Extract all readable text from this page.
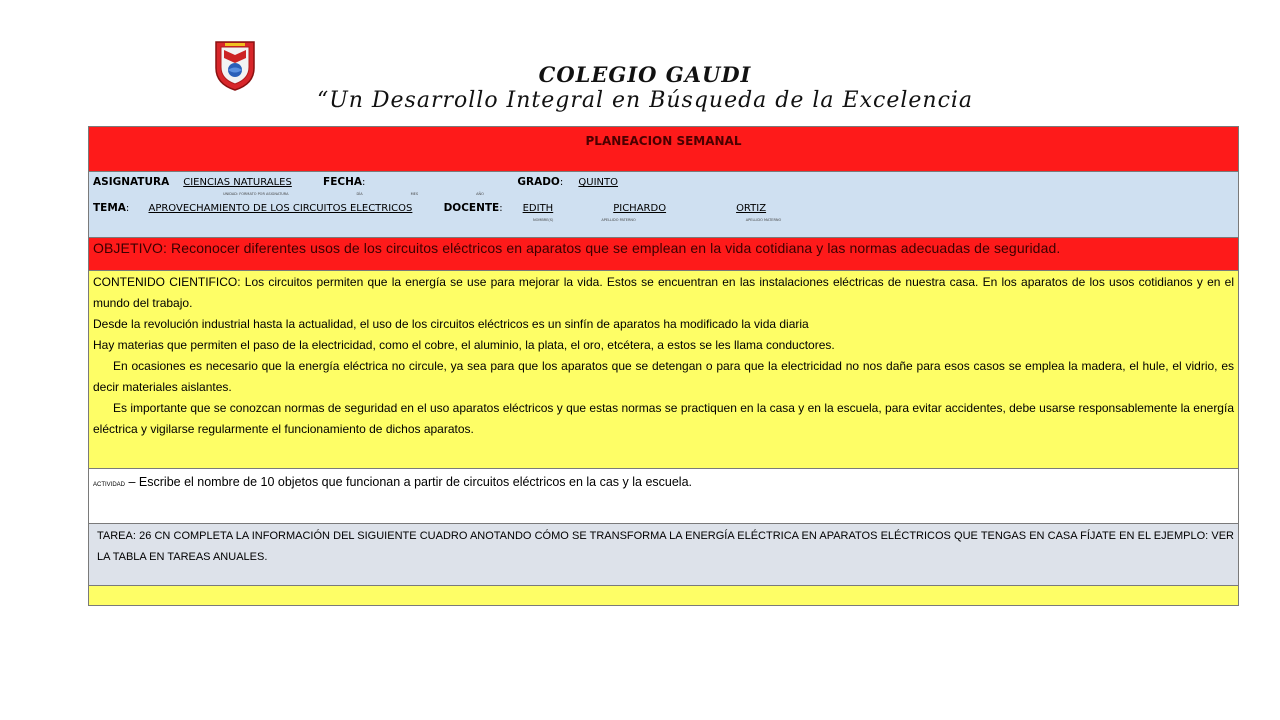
COLEGIO GAUDI
“Un Desarrollo Integral en Búsqueda de la Excelencia
PLANEACION SEMANAL

ASIGNATURA CIENCIAS NATURALES	FECHA:	GRADO: QUINTO
UNIDAD: FORMATO POR ASIGNATURA	DÍA	MES	AÑO
TEMA: APROVECHAMIENTO DE LOS CIRCUITOS ELECTRICOS	DOCENTE: EDITH	PICHARDO	ORTIZ
NOMBRE(S)	APELLIDO PATERNO	APELLIDO MATERNO

OBJETIVO: Reconocer diferentes usos de los circuitos eléctricos en aparatos que se emplean en la vida cotidiana y las normas adecuadas de seguridad.

CONTENIDO CIENTIFICO: Los circuitos permiten que la energía se use para mejorar la vida. Estos se encuentran en las instalaciones eléctricas de nuestra casa. En los aparatos de los usos cotidianos y en el mundo del trabajo.

Desde la revolución industrial hasta la actualidad, el uso de los circuitos eléctricos es un sinfín de aparatos ha modificado la vida diaria

Hay materias que permiten el paso de la electricidad, como el cobre, el aluminio, la plata, el oro, etcétera, a estos se les llama conductores.

En ocasiones es necesario que la energía eléctrica no circule, ya sea para que los aparatos que se detengan o para que la electricidad no nos dañe para esos casos se emplea la madera, el hule, el vidrio, es decir materiales aislantes.

Es importante que se conozcan normas de seguridad en el uso aparatos eléctricos y que estas normas se practiquen en la casa y en la escuela, para evitar accidentes, debe usarse responsablemente la energía eléctrica y vigilarse regularmente el funcionamiento de dichos aparatos.

ACTIVIDAD – Escribe el nombre de 10 objetos que funcionan a partir de circuitos eléctricos en la cas y la escuela.

TAREA: 26 CN COMPLETA LA INFORMACIÓN DEL SIGUIENTE CUADRO ANOTANDO CÓMO SE TRANSFORMA LA ENERGÍA ELÉCTRICA EN APARATOS ELÉCTRICOS QUE TENGAS EN CASA FÍJATE EN EL EJEMPLO: VER LA TABLA EN TAREAS ANUALES.
